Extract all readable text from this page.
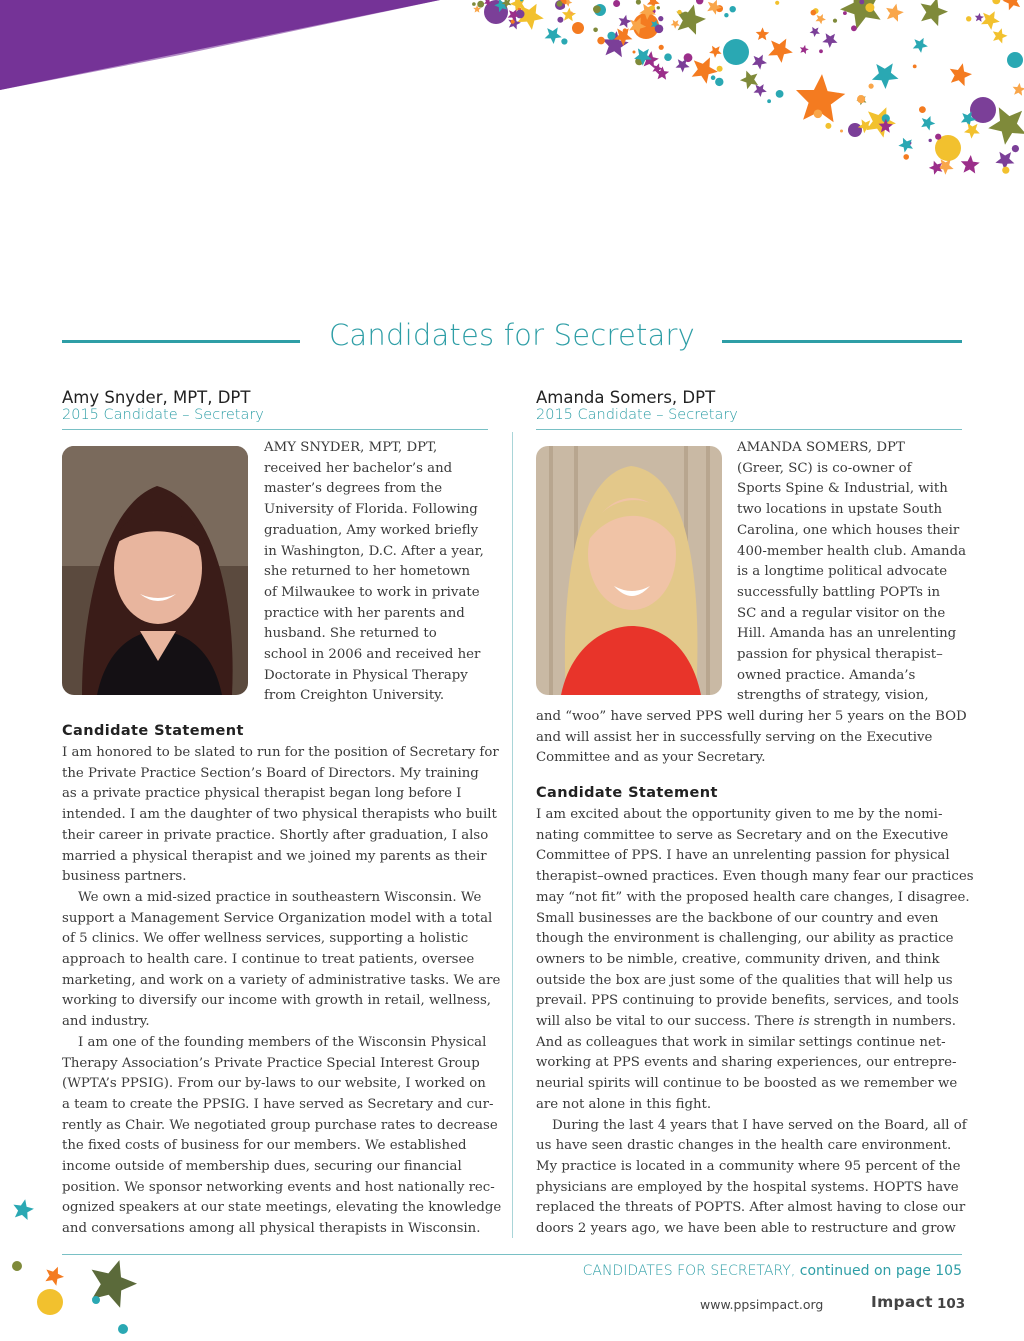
Candidates for Secretary
Amy Snyder, MPT, DPT
2015 Candidate – Secretary
AMY SNYDER, MPT, DPT,
received her bachelor’s and
master’s degrees from the
University of Florida. Following
graduation, Amy worked briefly
in Washington, D.C. After a year,
she returned to her hometown
of Milwaukee to work in private
practice with her parents and
husband. She returned to
school in 2006 and received her
Doctorate in Physical Therapy
from Creighton University.
Candidate Statement
I am honored to be slated to run for the position of Secretary for
the Private Practice Section’s Board of Directors. My training
as a private practice physical therapist began long before I
intended. I am the daughter of two physical therapists who built
their career in private practice. Shortly after graduation, I also
married a physical therapist and we joined my parents as their
business partners.
We own a mid-sized practice in southeastern Wisconsin. We
support a Management Service Organization model with a total
of 5 clinics. We offer wellness services, supporting a holistic
approach to health care. I continue to treat patients, oversee
marketing, and work on a variety of administrative tasks. We are
working to diversify our income with growth in retail, wellness,
and industry.
I am one of the founding members of the Wisconsin Physical
Therapy Association’s Private Practice Special Interest Group
(WPTA’s PPSIG). From our by-laws to our website, I worked on
a team to create the PPSIG. I have served as Secretary and cur-
rently as Chair. We negotiated group purchase rates to decrease
the fixed costs of business for our members. We established
income outside of membership dues, securing our financial
position. We sponsor networking events and host nationally rec-
ognized speakers at our state meetings, elevating the knowledge
and conversations among all physical therapists in Wisconsin.
Amanda Somers, DPT
2015 Candidate – Secretary
AMANDA SOMERS, DPT
(Greer, SC) is co-owner of
Sports Spine & Industrial, with
two locations in upstate South
Carolina, one which houses their
400-member health club. Amanda
is a longtime political advocate
successfully battling POPTs in
SC and a regular visitor on the
Hill. Amanda has an unrelenting
passion for physical therapist–
owned practice. Amanda’s
strengths of strategy, vision,
and “woo” have served PPS well during her 5 years on the BOD
and will assist her in successfully serving on the Executive
Committee and as your Secretary.
Candidate Statement
I am excited about the opportunity given to me by the nomi-
nating committee to serve as Secretary and on the Executive
Committee of PPS. I have an unrelenting passion for physical
therapist–owned practices. Even though many fear our practices
may “not fit” with the proposed health care changes, I disagree.
Small businesses are the backbone of our country and even
though the environment is challenging, our ability as practice
owners to be nimble, creative, community driven, and think
outside the box are just some of the qualities that will help us
prevail. PPS continuing to provide benefits, services, and tools
will also be vital to our success. There is strength in numbers.
And as colleagues that work in similar settings continue net-
working at PPS events and sharing experiences, our entrepre-
neurial spirits will continue to be boosted as we remember we
are not alone in this fight.
During the last 4 years that I have served on the Board, all of
us have seen drastic changes in the health care environment.
My practice is located in a community where 95 percent of the
physicians are employed by the hospital systems. HOPTS have
replaced the threats of POPTS. After almost having to close our
doors 2 years ago, we have been able to restructure and grow
CANDIDATES FOR SECRETARY, continued on page 105
www.ppsimpact.org	Impact 103
